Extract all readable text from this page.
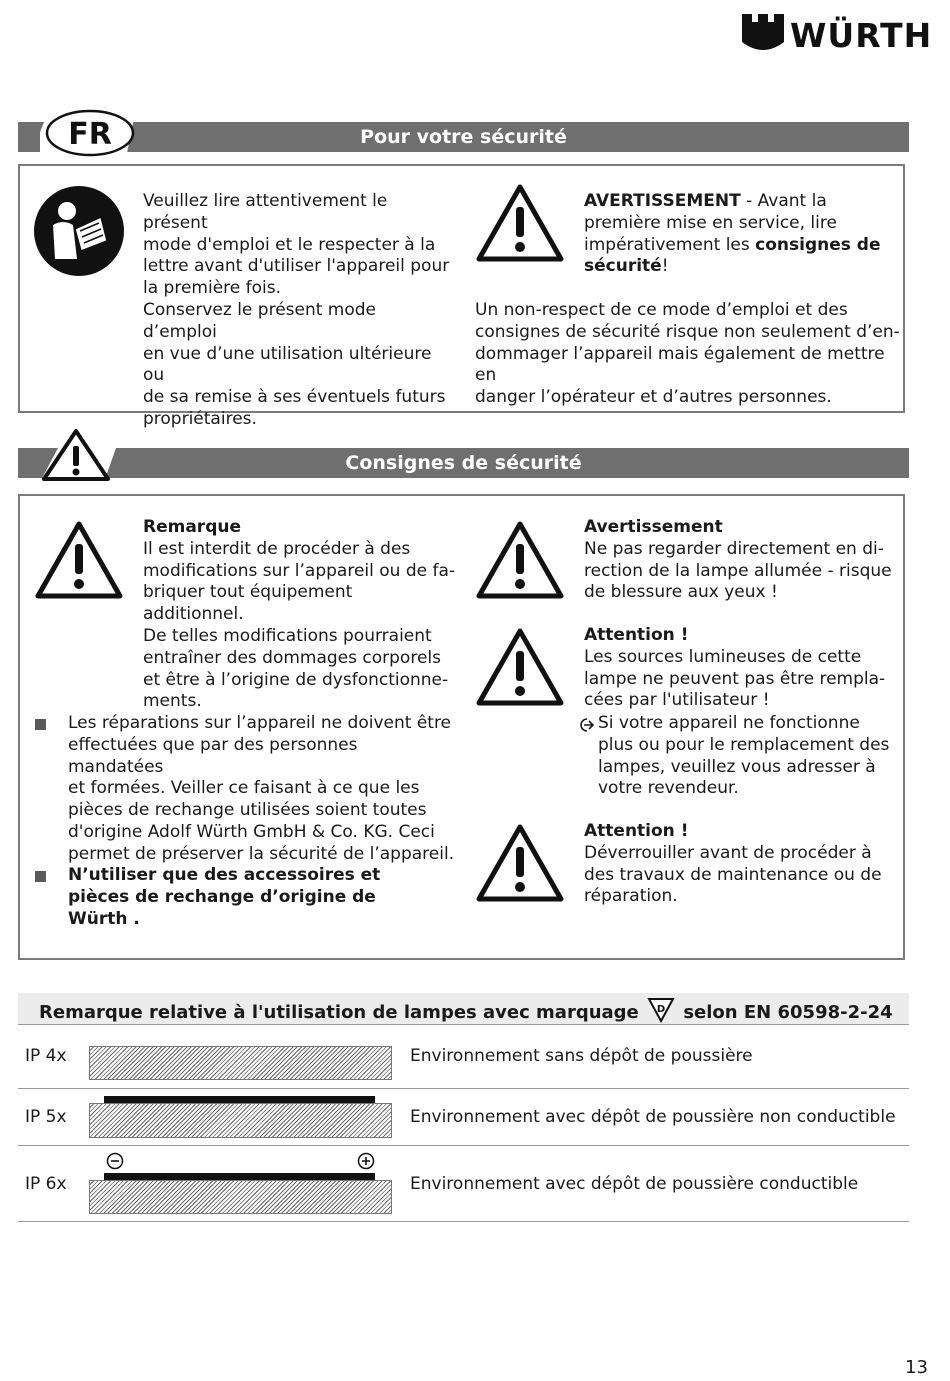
WÜRTH
Pour votre sécurité
FR

Veuillez lire attentivement le présent

mode d'emploi et le respecter à la

lettre avant d'utiliser l'appareil pour

la première fois.

Conservez le présent mode d’emploi

en vue d’une utilisation ultérieure ou

de sa remise à ses éventuels futurs

propriétaires.

AVERTISSEMENT - Avant la

première mise en service, lire

impérativement les consignes de

sécurité!

Un non-respect de ce mode d’emploi et des

consignes de sécurité risque non seulement d’en-

dommager l’appareil mais également de mettre en

danger l’opérateur et d’autres personnes.

Consignes de sécurité

Remarque

Il est interdit de procéder à des

modifications sur l’appareil ou de fa-

briquer tout équipement additionnel.

De telles modifications pourraient

entraîner des dommages corporels

et être à l’origine de dysfonctionne-

ments.

Les réparations sur l’appareil ne doivent être

effectuées que par des personnes mandatées

et formées. Veiller ce faisant à ce que les

pièces de rechange utilisées soient toutes

d'origine Adolf Würth GmbH & Co. KG. Ceci

permet de préserver la sécurité de l’appareil.

N’utiliser que des accessoires et

pièces de rechange d’origine de

Würth .

Avertissement

Ne pas regarder directement en di-

rection de la lampe allumée - risque

de blessure aux yeux !

Attention !

Les sources lumineuses de cette

lampe ne peuvent pas être rempla-

cées par l'utilisateur !

Si votre appareil ne fonctionne

plus ou pour le remplacement des

lampes, veuillez vous adresser à

votre revendeur.

Attention !

Déverrouiller avant de procéder à

des travaux de maintenance ou de

réparation.

Remarque relative à l'utilisation de lampes avec marquage D selon EN 60598-2-24
IP 4x	Environnement sans dépôt de poussière
IP 5x	Environnement avec dépôt de poussière non conductible
IP 6x	Environnement avec dépôt de poussière conductible
13
